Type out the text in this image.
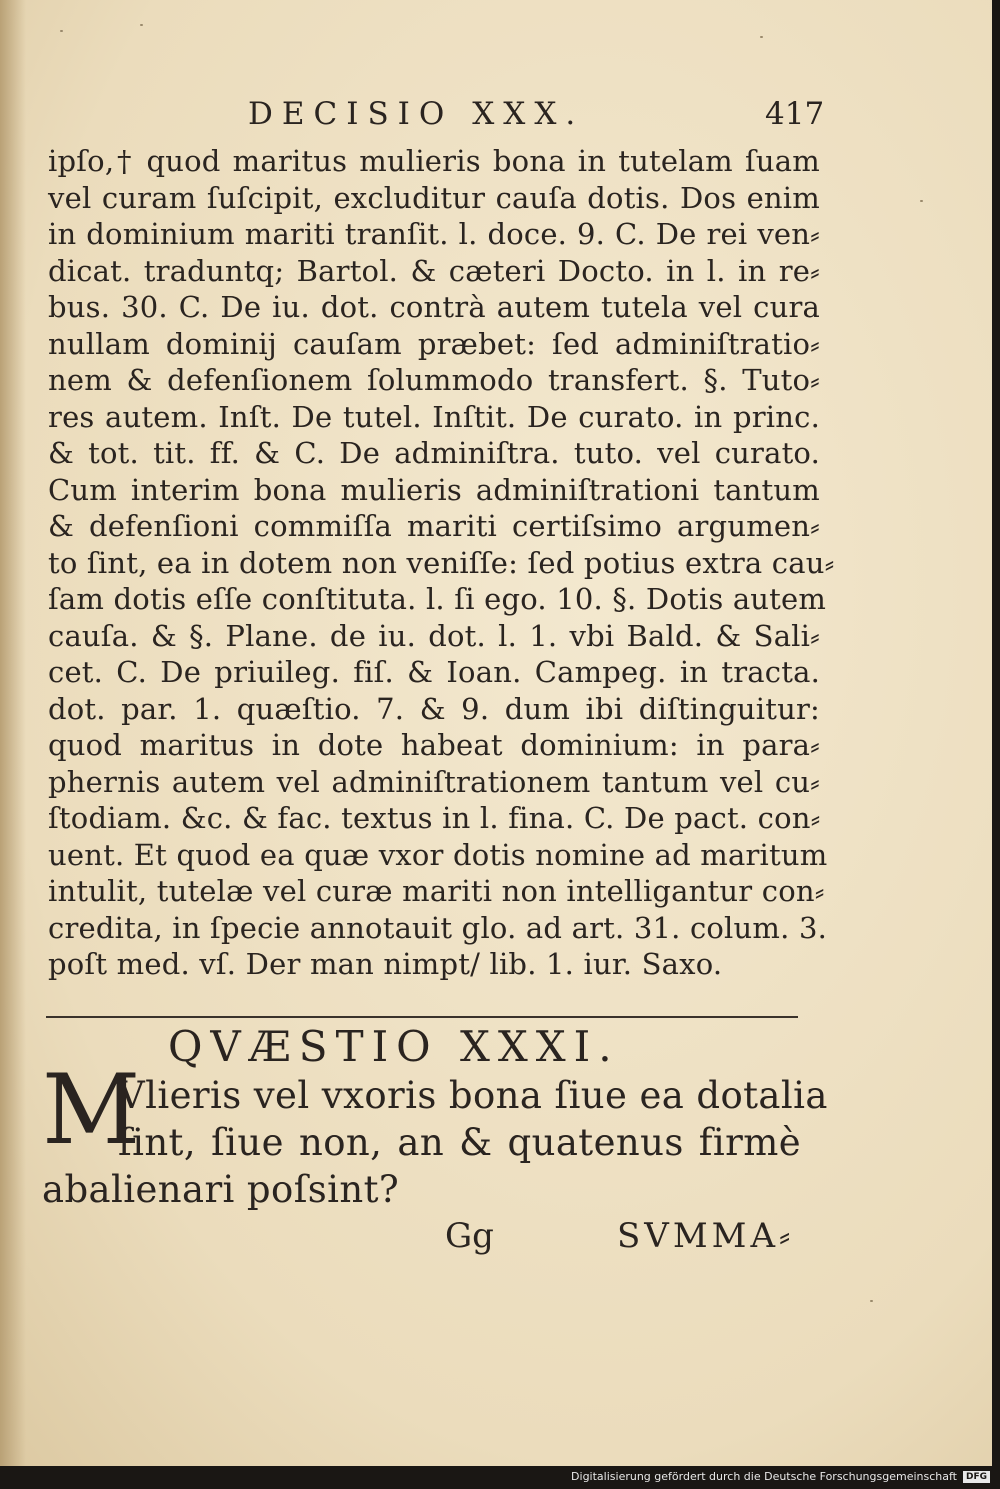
DECISIO XXX.	417
ipſo,† quod maritus mulieris bona in tutelam ſuam
vel curam ſuſcipit, excluditur cauſa dotis. Dos enim
in dominium mariti tranſit. l. doce. 9. C. De rei ven⸗
dicat. traduntq; Bartol. & cæteri Docto. in l. in re⸗
bus. 30. C. De iu. dot. contrà autem tutela vel cura
nullam dominij cauſam præbet: ſed adminiſtratio⸗
nem & defenſionem ſolummodo transfert. §. Tuto⸗
res autem. Inſt. De tutel. Inſtit. De curato. in princ.
& tot. tit. ff. & C. De adminiſtra. tuto. vel curato.
Cum interim bona mulieris adminiſtrationi tantum
& defenſioni commiſſa mariti certiſsimo argumen⸗
to ſint, ea in dotem non veniſſe: ſed potius extra cau⸗
ſam dotis eſſe conſtituta. l. ſi ego. 10. §. Dotis autem
cauſa. & §. Plane. de iu. dot. l. 1. vbi Bald. & Sali⸗
cet. C. De priuileg. fiſ. & Ioan. Campeg. in tracta.
dot. par. 1. quæſtio. 7. & 9. dum ibi diſtinguitur:
quod maritus in dote habeat dominium: in para⸗
phernis autem vel adminiſtrationem tantum vel cu⸗
ſtodiam. &c. & fac. textus in l. fina. C. De pact. con⸗
uent. Et quod ea quæ vxor dotis nomine ad maritum
intulit, tutelæ vel curæ mariti non intelligantur con⸗
credita, in ſpecie annotauit glo. ad art. 31. colum. 3.
poſt med. vſ. Der man nimpt/ lib. 1. iur. Saxo.
QVÆSTIO XXXI.
M
Vlieris vel vxoris bona ſiue ea dotalia
ſint, ſiue non, an & quatenus firmè
abalienari poſsint?
Gg	SVMMA⸗
Digitalisierung gefördert durch die Deutsche Forschungsgemeinschaft	DFG
